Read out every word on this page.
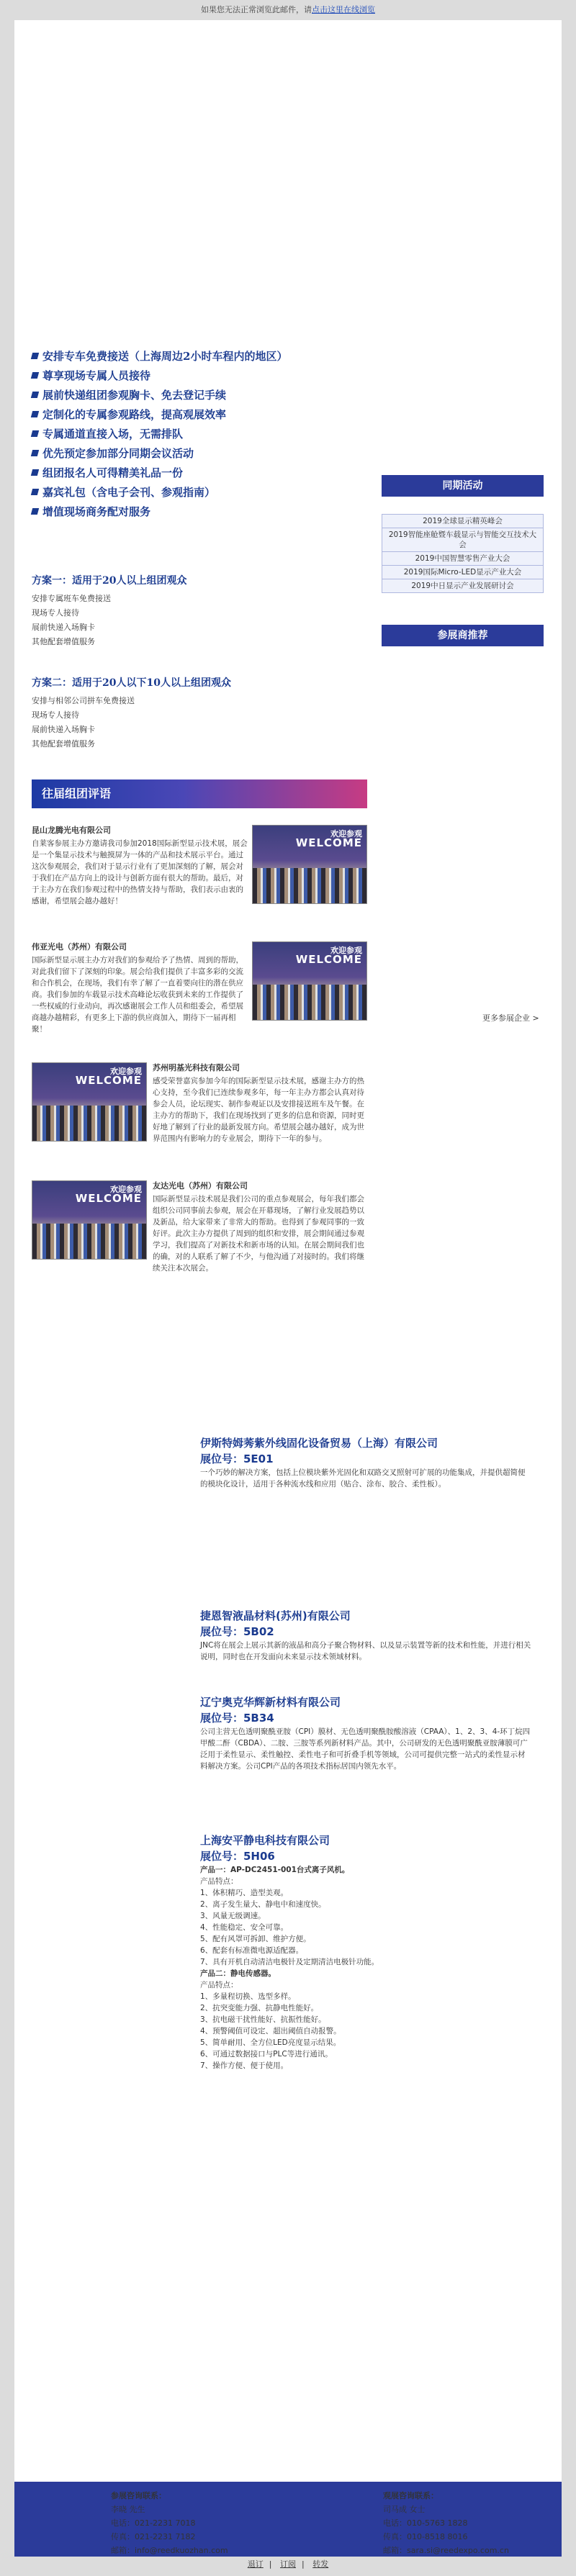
如果您无法正常浏览此邮件，请点击这里在线浏览
安排专车免费接送（上海周边2小时车程内的地区）
尊享现场专属人员接待
展前快递组团参观胸卡、免去登记手续
定制化的专属参观路线，提高观展效率
专属通道直接入场，无需排队
优先预定参加部分同期会议活动
组团报名人可得精美礼品一份
嘉宾礼包（含电子会刊、参观指南）
增值现场商务配对服务
同期活动
2019全球显示精英峰会
2019智能座舱暨车载显示与智能交互技术大会
2019中国智慧零售产业大会
2019国际Micro-LED显示产业大会
2019中日显示产业发展研讨会
参展商推荐
方案一：适用于20人以上组团观众

安排专属班车免费接送

现场专人接待

展前快递入场胸卡

其他配套增值服务

方案二：适用于20人以下10人以上组团观众

安排与相邻公司拼车免费接送

现场专人接待

展前快递入场胸卡

其他配套增值服务

往届组团评语
昆山龙腾光电有限公司

自莱客参展主办方邀请我司参加2018国际新型显示技术展，展会是一个集显示技术与触摸屏为一体的产品和技术展示平台。通过这次参观展会，我们对于显示行业有了更加深刻的了解，展会对于我们在产品方向上的设计与创新方面有很大的帮助。最后，对于主办方在我们参观过程中的热情支持与帮助，我们表示由衷的感谢，希望展会越办越好！

欢迎参观
WELCOME
伟亚光电（苏州）有限公司

国际新型显示展主办方对我们的参观给予了热情、周到的帮助，对此我们留下了深刻的印象。展会给我们提供了丰富多彩的交流和合作机会，在现场，我们有幸了解了一直着要向往的潜在供应商。我们参加的车载显示技术高峰论坛收获到未来的工作提供了一些权威的行业动向，再次感谢展会工作人员和组委会，希望展商越办越精彩，有更多上下游的供应商加入，期待下一届再相聚！

欢迎参观
WELCOME
更多参展企业 >
欢迎参观
WELCOME
苏州明基光科技有限公司

感受荣誉嘉宾参加今年的国际新型显示技术展，感谢主办方的热心支持，至今我们已连续参观多年，每一年主办方都会认真对待参会人员，论坛现实、制作参观证以及安排接送班车及午餐。在主办方的帮助下，我们在现场找到了更多的信息和资源，同时更好地了解到了行业的最新发展方向。希望展会越办越好，成为世界范围内有影响力的专业展会，期待下一年的参与。

欢迎参观
WELCOME
友达光电（苏州）有限公司

国际新型显示技术展是我们公司的重点参观展会，每年我们都会组织公司同事前去参观，展会在开幕现场，了解行业发展趋势以及新品，给大家带来了非常大的帮助。也得到了参观同事的一致好评。此次主办方提供了周到的组织和安排，展会期间通过参观学习，我们提高了对新技术和新市场的认知。在展会期间我们也的确，对的人联系了解了不少，与他沟通了对接时的。我们将继续关注本次展会。

伊斯特姆莠紫外线固化设备贸易（上海）有限公司
展位号：5E01

一个巧妙的解决方案，包括上位模块紫外光固化和双路交叉照射可扩展的功能集成，并提供超简便的模块化设计，适用于各种流水线和应用（贴合、涂布、胶合、柔性板）。

捷恩智液晶材料(苏州)有限公司
展位号：5B02

JNC将在展会上展示其新的液晶和高分子聚合物材料、以及显示装置等新的技术和性能，并进行相关说明，同时也在开发面向未来显示技术领域材料。

辽宁奥克华辉新材料有限公司
展位号：5B34

公司主营无色透明聚酰亚胺（CPI）膜材、无色透明聚酰胺酸溶液（CPAA）、1、2、3、4-环丁烷四甲酸二酐（CBDA）、二胺、三胺等系列新材料产品。其中，公司研发的无色透明聚酰亚胺薄膜可广泛用于柔性显示、柔性触控、柔性电子和可折叠手机等领域，公司可提供完整一站式的柔性显示材料解决方案。公司CPI产品的各项技术指标居国内领先水平。

上海安平静电科技有限公司
展位号：5H06

产品一：AP-DC2451-001台式离子风机。

产品特点：

1、体积精巧、造型美观。

2、离子发生量大、静电中和速度快。

3、风量无级调速。

4、性能稳定、安全可靠。

5、配有风罩可拆卸、维护方便。

6、配套有标准微电源适配器。

7、具有开机自动清洁电极针及定期清洁电极针功能。

产品二：静电传感器。

产品特点：

1、多量程切换、选型多样。

2、抗突变能力强、抗静电性能好。

3、抗电磁干扰性能好、抗振性能好。

4、预警阈值可设定、超出阈值自动报警。

5、简单耐用、全方位LED亮度显示结果。

6、可通过数据接口与PLC等进行通讯。

7、操作方便、便于使用。

参展咨询联系：
李晓 先生
电话：021-2231 7018
传真：021-2231 7182
邮箱：info@reedkuozhan.com
观展咨询联系：
司马成 女士
电话：010-5763 1828
传真：010-8518 8016
邮箱：sara.si@reedexpo.com.cn
退订 | 订阅 | 转发
